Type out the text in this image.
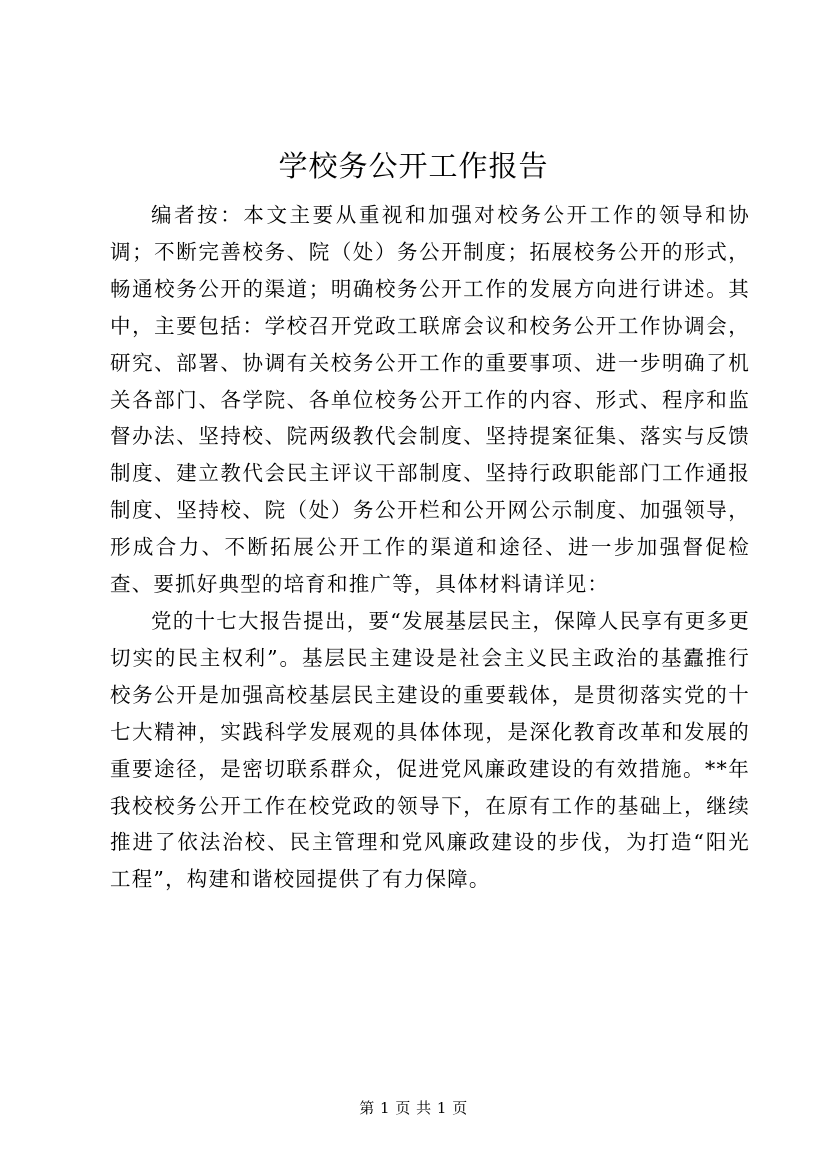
学校务公开工作报告

编者按：本文主要从重视和加强对校务公开工作的领导和协调；不断完善校务、院（处）务公开制度；拓展校务公开的形式，畅通校务公开的渠道；明确校务公开工作的发展方向进行讲述。其中，主要包括：学校召开党政工联席会议和校务公开工作协调会，研究、部署、协调有关校务公开工作的重要事项、进一步明确了机关各部门、各学院、各单位校务公开工作的内容、形式、程序和监督办法、坚持校、院两级教代会制度、坚持提案征集、落实与反馈制度、建立教代会民主评议干部制度、坚持行政职能部门工作通报制度、坚持校、院（处）务公开栏和公开网公示制度、加强领导，形成合力、不断拓展公开工作的渠道和途径、进一步加强督促检查、要抓好典型的培育和推广等，具体材料请详见：

党的十七大报告提出，要“发展基层民主，保障人民享有更多更切实的民主权利”。基层民主建设是社会主义民主政治的基蠹推行校务公开是加强高校基层民主建设的重要载体，是贯彻落实党的十七大精神，实践科学发展观的具体体现，是深化教育改革和发展的重要途径，是密切联系群众，促进党风廉政建设的有效措施。**年我校校务公开工作在校党政的领导下，在原有工作的基础上，继续推进了依法治校、民主管理和党风廉政建设的步伐，为打造“阳光工程”，构建和谐校园提供了有力保障。

第 1 页 共 1 页
